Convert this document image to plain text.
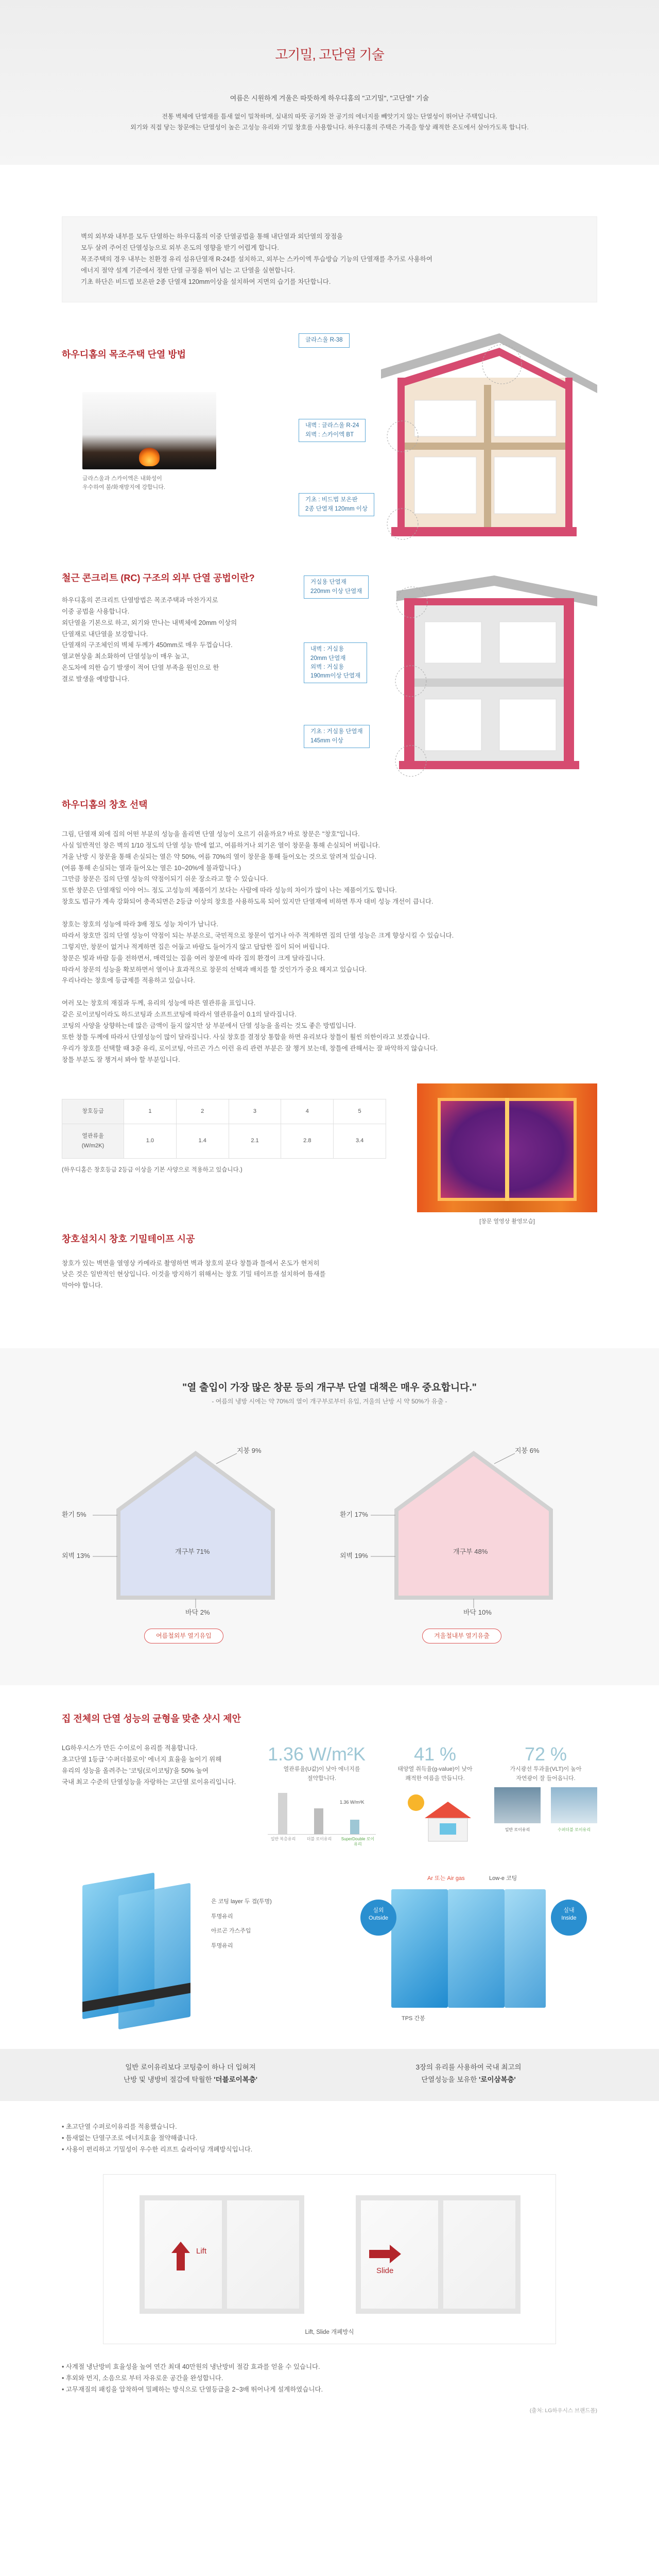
고기밀, 고단열 기술

여름은 시원하게 겨울은 따뜻하게 하우디홈의 "고기밀", "고단열" 기술

전통 벽체에 단열재를 틈새 없이 밀착하며, 실내의 따뜻 공기와 찬 공기의 에너지를 빼앗기지 않는 단열성이 뛰어난 주택입니다.

외기와 직접 닿는 창문에는 단열성이 높은 고성능 유리와 기밀 창호를 사용합니다. 하우디홈의 주택은 가족을 항상 쾌적한 온도에서 살아가도록 합니다.

벽의 외부와 내부를 모두 단열하는 하우디홈의 이중 단열공법을 통해 내단열과 외단열의 장점을

모두 살려 주어진 단열성능으로 외부 온도의 영향을 받기 어렵게 합니다.

목조주택의 경우 내부는 친환경 유리 섬유단열재 R-24를 설치하고, 외부는 스카이엑 투습방습 기능의 단열재를 추가로 사용하여

에너지 절약 설계 기준에서 정한 단열 규정을 뛰어 넘는 고 단열을 실현합니다.

기초 하단은 비드법 보온판 2종 단열재 120mm이상을 설치하여 지면의 습기를 차단합니다.

하우디홈의 목조주택 단열 방법

글라스울과 스카이엑은 내화성이
우수하여 불/화재방지에 강합니다.

글라스울 R-38
내벽 : 글라스울 R-24
외벽 : 스카이엑 BT
기초 : 비드법 보온판
2종 단열재 120mm 이상
철근 콘크리트 (RC) 구조의 외부 단열 공법이란?

하우디홈의 콘크리트 단열방법은 목조주택과 마찬가지로

이중 공법을 사용합니다.

외단열을 기본으로 하고, 외기와 만나는 내벽체에 20mm 이상의

단열재로 내단열을 보강합니다.

단열재의 구조체인의 벽체 두께가 450mm로 매우 두껍습니다.

열교현상을 최소화하여 단열성능이 매우 높고,

온도차에 의한 습기 발생이 적어 단열 부족을 원인으로 한

결로 발생을 예방합니다.

거실용 단열재
220mm 이상 단열재
내벽 : 거실용
20mm 단열재
외벽 : 거실용
190mm이상 단열재
기초 : 거실용 단열재
145mm 이상
하우디홈의 창호 선택

그림, 단열재 외에 집의 어떤 부분의 성능을 올리면 단열 성능이 오르기 쉬울까요? 바로 창문은 "창호"입니다.

사실 일반적인 창은 벽의 1/10 정도의 단열 성능 밖에 없고, 여름하거나 외기온 열이 창문을 통해 손실되어 버립니다.

겨울 난방 시 창문을 통해 손실되는 열은 약 50%, 여름 70%의 열이 창문을 통해 들어오는 것으로 알려져 있습니다.

(여름 통해 손실되는 열과 들어오는 열은 10~20%에 불과합니다.)

그만큼 창문은 집의 단열 성능의 약점이되기 쉬운 장소라고 할 수 있습니다.

또한 창문은 단열재일 이야 어느 정도 고성능의 제품이기 보다는 사람에 따라 성능의 차이가 많이 나는 제품이기도 합니다.

창호도 법규가 계속 강화되어 충족되면은 2등급 이상의 창호를 사용하도록 되어 있지만 단열재에 비하면 투자 대비 성능 개선이 큽니다.

창호는 창호의 성능에 따라 3배 정도 성능 차이가 납니다.

따라서 창호만 집의 단열 성능이 약점이 되는 부분으로, 국민적으로 창문이 업거나 아주 적게하면 집의 단열 성능은 크게 향상시킬 수 있습니다.

그렇지만, 창문이 없거나 적게하면 집은 어둡고 바람도 들어가지 않고 답답한 집이 되어 버립니다.

창문은 빛과 바람 등을 전하면서, 매력있는 집을 여러 창문에 따라 집의 환경이 크게 달라집니다.

따라서 창문의 성능을 확보하면서 열이나 효과적으로 창문의 선택과 배치를 할 것인가가 중요 해지고 있습니다.

우리나라는 창호에 등급제를 적용하고 있습니다.

여러 모는 창호의 재질과 두께, 유리의 성능에 따른 열관류율 표입니다.

같은 로이코팅이라도 하드코팅과 소프트코팅에 따라서 열관류율이 0.1의 달라집니다.

코팅의 사양을 상향하는데 많은 금액이 들지 않지만 상 부분에서 단열 성능을 올리는 것도 좋은 방법입니다.

또한 창틀 두께에 따라서 단열성능이 많이 달라집니다. 사실 창호를 결정상 통합을 하면 유리보다 창틀이 훨씬 의한이라고 보겠습니다.

우리가 창호를 선택할 때 3중 유리, 로이코팅, 아르곤 가스 이런 유리 관련 부분은 잘 챙겨 보는데, 창틀에 관해서는 잘 파악하지 않습니다.

창틀 부분도 잘 챙겨서 봐야 할 부분입니다.

창호등급	1	2	3	4	5
열관류율
(W/m2K)	1.0	1.4	2.1	2.8	3.4

(하우디홈은 창호등급 2등급 이상을 기본 사양으로 적용하고 있습니다.)

[창문 열영상 촬영모습]

창호설치시 창호 기밀테이프 시공

창호가 있는 벽면을 열영상 카메라로 촬영하면 벽과 창호의 분다 창틀과 틀에서 온도가 현저히

낮은 것은 일반적인 현상입니다. 이것을 방지하기 위해서는 창호 기밀 테이프를 설치하여 틈새를

막아야 합니다.

"열 출입이 가장 많은 창문 등의 개구부 단열 대책은 매우 중요합니다."

- 여름의 냉방 시에는 약 70%의 열이 개구부로부터 유입, 겨울의 난방 시 약 50%가 유출 -

지붕 9%
환기 5%
외벽 13%
개구부 71%
바닥 2%
여름철외부 열기유입
지붕 6%
환기 17%
외벽 19%
개구부 48%
바닥 10%
겨울철내부 열기유출
집 전체의 단열 성능의 균형을 맞춘 샷시 제안

LG하우시스가 만든 수이로이 유리를 적용합니다.

초고단열 1등급 '수퍼더블로이' 에너지 효율을 높이기 위해

유리의 성능을 올려주는 '코팅(로이코팅)'을 50% 높여

국내 최고 수준의 단열성능을 자랑하는 고단열 로이유리입니다.

1.36 W/m²K

열관류율(U값)이 낮아 에너지를
절약합니다.

1.36 W/m²K
일반 복층유리	더블 로이유리	SuperDouble 로이유리

41 %

태양열 취득율(g-value)이 낮아
쾌적한 여름을 만듭니다.

72 %

가시광선 투과율(VLT)이 높아
자연광이 잘 들어옵니다.

일반 로이유리	수퍼더블 로이유리

은 코팅 layer 두 겹(투명)

투명유리

아르곤 가스주입

투명유리

Ar 또는 Air gas	Low-e 코팅
실외
Outside
실내
Inside
TPS 간봉

일반 로이유리보다 코팅층이 하나 더 입혀져
난방 및 냉방비 절감에 탁월한 '더블로이복층'

3장의 유리를 사용하여 국내 최고의
단열성능을 보유한 '로이삼복층'

• 초고단열 수퍼로이유리를 적용했습니다.

• 틈새없는 단열구조로 에너지효율 절약해줍니다.

• 사용이 편리하고 기밀성이 우수한 리프트 슬라이딩 개폐방식입니다.

Lift
Slide
Lift, Slide 개폐방식

• 사계절 냉난방비 효율성을 높여 연간 최대 40만원의 냉난방비 절감 효과를 얻을 수 있습니다.

• 후외와 먼지, 소음으로 부터 자유로운 공간을 완성합니다.

• 고무재질의 패킹을 압착하여 밀폐하는 방식으로 단열등급을 2~3배 뛰어나게 설계하였습니다.

(출처: LG하우시스 브랜드몰)
